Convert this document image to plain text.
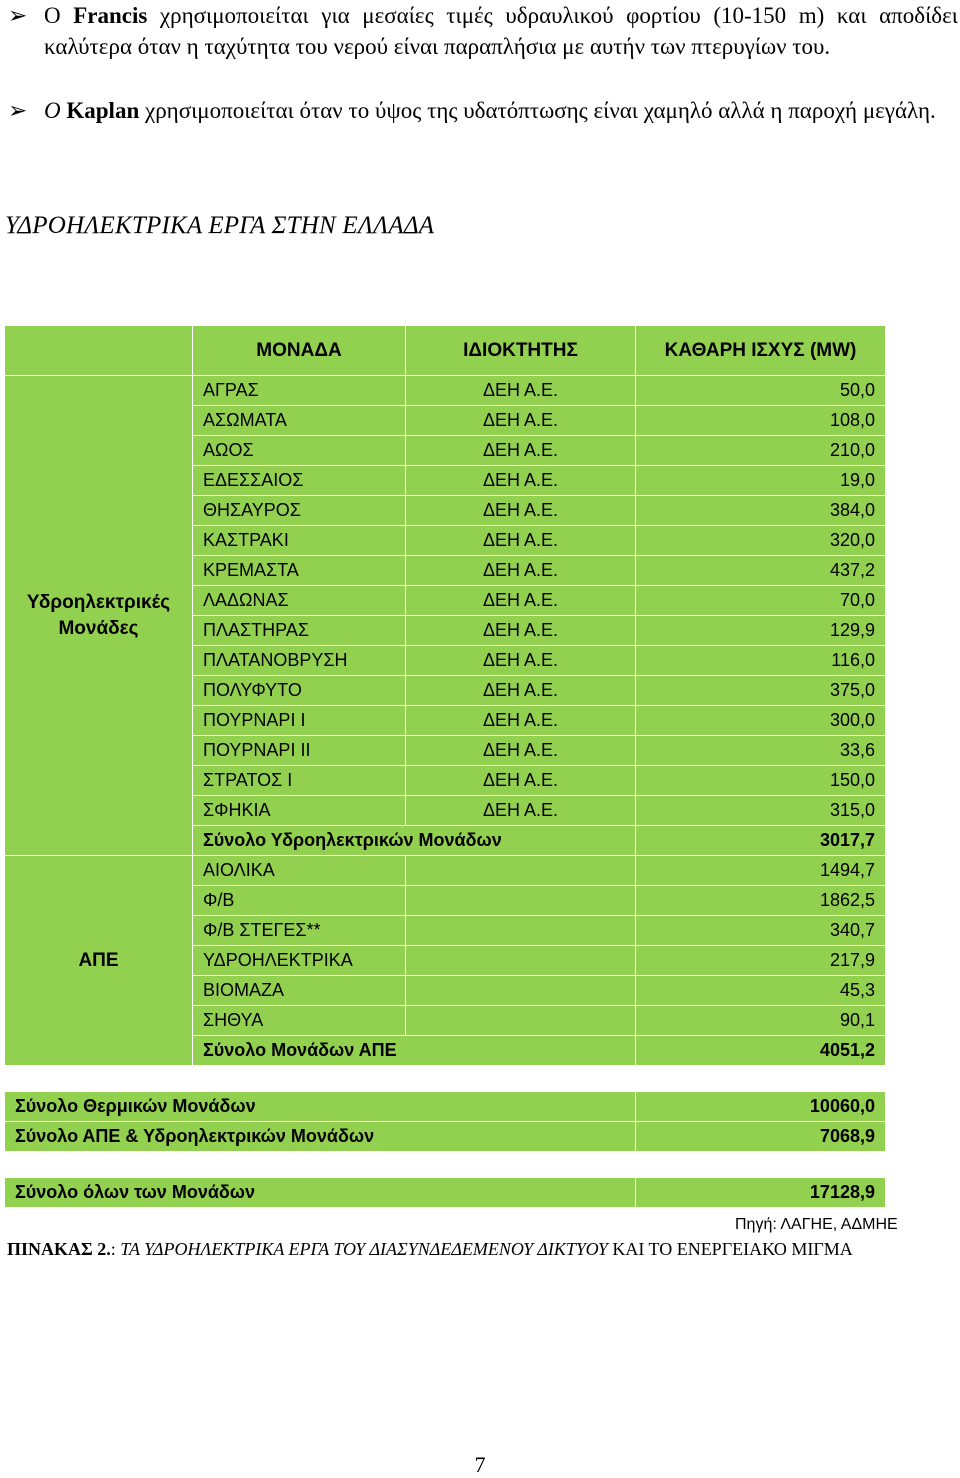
➢ Ο Francis χρησιμοποιείται για μεσαίες τιμές υδραυλικού φορτίου (10-150 m) και αποδίδει καλύτερα όταν η ταχύτητα του νερού είναι παραπλήσια με αυτήν των πτερυγίων του.
➢ Ο Kaplan χρησιμοποιείται όταν το ύψος της υδατόπτωσης είναι χαμηλό αλλά η παροχή μεγάλη.
ΥΔΡΟΗΛΕΚΤΡΙΚΑ ΕΡΓΑ ΣΤΗΝ ΕΛΛΑΔΑ
	ΜΟΝΑΔΑ	ΙΔΙΟΚΤΗΤΗΣ	ΚΑΘΑΡΗ ΙΣΧΥΣ (MW)
Υδροηλεκτρικές Μονάδες	ΑΓΡΑΣ	ΔΕΗ Α.Ε.	50,0
	ΑΣΩΜΑΤΑ	ΔΕΗ Α.Ε.	108,0
	ΑΩΟΣ	ΔΕΗ Α.Ε.	210,0
	ΕΔΕΣΣΑΙΟΣ	ΔΕΗ Α.Ε.	19,0
	ΘΗΣΑΥΡΟΣ	ΔΕΗ Α.Ε.	384,0
	ΚΑΣΤΡΑΚΙ	ΔΕΗ Α.Ε.	320,0
	ΚΡΕΜΑΣΤΑ	ΔΕΗ Α.Ε.	437,2
	ΛΑΔΩΝΑΣ	ΔΕΗ Α.Ε.	70,0
	ΠΛΑΣΤΗΡΑΣ	ΔΕΗ Α.Ε.	129,9
	ΠΛΑΤΑΝΟΒΡΥΣΗ	ΔΕΗ Α.Ε.	116,0
	ΠΟΛΥΦΥΤΟ	ΔΕΗ Α.Ε.	375,0
	ΠΟΥΡΝΑΡΙ Ι	ΔΕΗ Α.Ε.	300,0
	ΠΟΥΡΝΑΡΙ ΙΙ	ΔΕΗ Α.Ε.	33,6
	ΣΤΡΑΤΟΣ Ι	ΔΕΗ Α.Ε.	150,0
	ΣΦΗΚΙΑ	ΔΕΗ Α.Ε.	315,0
	Σύνολο Υδροηλεκτρικών Μονάδων		3017,7
ΑΠΕ	ΑΙΟΛΙΚΑ		1494,7
	Φ/Β		1862,5
	Φ/Β ΣΤΕΓΕΣ**		340,7
	ΥΔΡΟΗΛΕΚΤΡΙΚΑ		217,9
	ΒΙΟΜΑΖΑ		45,3
	ΣΗΘΥΑ		90,1
	Σύνολο Μονάδων ΑΠΕ		4051,2

Σύνολο Θερμικών Μονάδων			10060,0
Σύνολο ΑΠΕ & Υδροηλεκτρικών Μονάδων			7068,9

Σύνολο όλων των Μονάδων			17128,9
Πηγή: ΛΑΓΗΕ, ΑΔΜΗΕ
ΠΙΝΑΚΑΣ 2.: ΤΑ ΥΔΡΟΗΛΕΚΤΡΙΚΑ ΕΡΓΑ ΤΟΥ ΔΙΑΣΥΝΔΕΔΕΜΕΝΟΥ ΔΙΚΤΥΟΥ ΚΑΙ ΤΟ ΕΝΕΡΓΕΙΑΚΟ ΜΙΓΜΑ
7
